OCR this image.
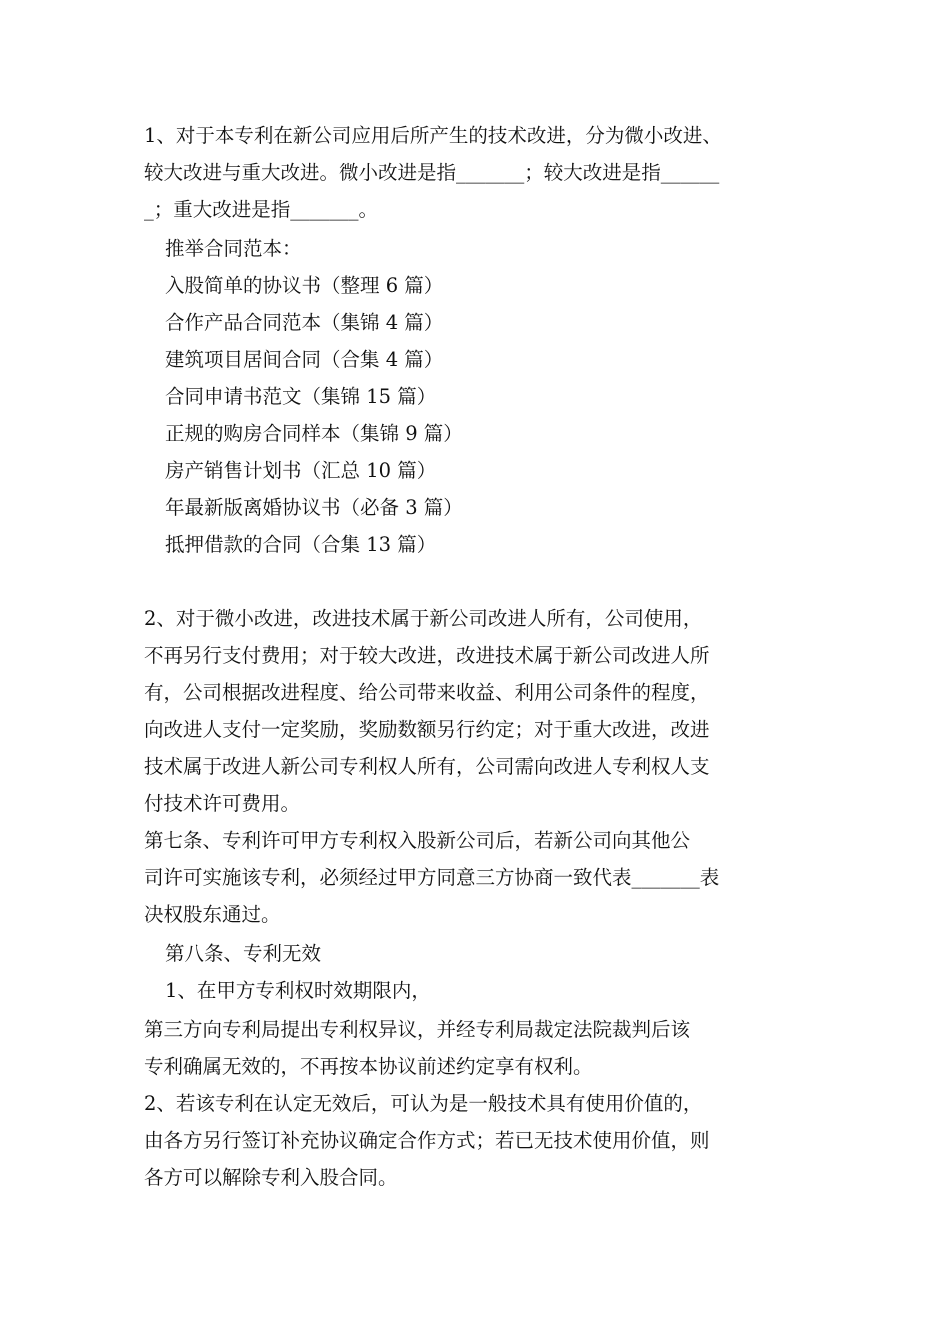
1、对于本专利在新公司应用后所产生的技术改进，分为微小改进、
较大改进与重大改进。微小改进是指_______；较大改进是指______
_；重大改进是指_______。
推举合同范本：
入股简单的协议书（整理 6 篇）
合作产品合同范本（集锦 4 篇）
建筑项目居间合同（合集 4 篇）
合同申请书范文（集锦 15 篇）
正规的购房合同样本（集锦 9 篇）
房产销售计划书（汇总 10 篇）
年最新版离婚协议书（必备 3 篇）
抵押借款的合同（合集 13 篇）
2、对于微小改进，改进技术属于新公司改进人所有，公司使用，
不再另行支付费用；对于较大改进，改进技术属于新公司改进人所
有，公司根据改进程度、给公司带来收益、利用公司条件的程度，
向改进人支付一定奖励，奖励数额另行约定；对于重大改进，改进
技术属于改进人新公司专利权人所有，公司需向改进人专利权人支
付技术许可费用。
第七条、专利许可甲方专利权入股新公司后，若新公司向其他公
司许可实施该专利，必须经过甲方同意三方协商一致代表_______表
决权股东通过。
第八条、专利无效
1、在甲方专利权时效期限内，
第三方向专利局提出专利权异议，并经专利局裁定法院裁判后该
专利确属无效的，不再按本协议前述约定享有权利。
2、若该专利在认定无效后，可认为是一般技术具有使用价值的，
由各方另行签订补充协议确定合作方式；若已无技术使用价值，则
各方可以解除专利入股合同。
